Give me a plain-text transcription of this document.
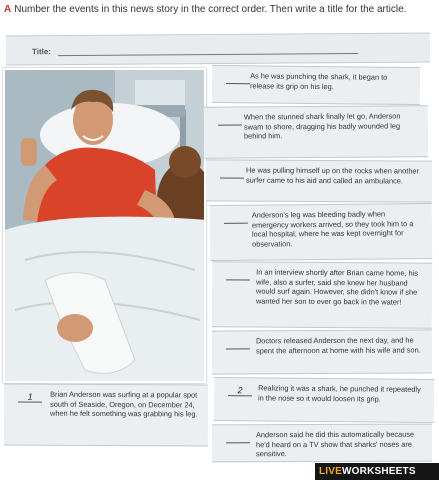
A Number the events in this news story in the correct order. Then write a title for the article.
Title:
As he was punching the shark, it began to release its grip on his leg.
When the stunned shark finally let go, Anderson swam to shore, dragging his badly wounded leg behind him.
He was pulling himself up on the rocks when another surfer came to his aid and called an ambulance.
Anderson's leg was bleeding badly when emergency workers arrived, so they took him to a local hospital, where he was kept overnight for observation.
In an interview shortly after Brian came home, his wife, also a surfer, said she knew her husband would surf again. However, she didn't know if she wanted her son to ever go back in the water!
Doctors released Anderson the next day, and he spent the afternoon at home with his wife and son.
2	Realizing it was a shark, he punched it repeatedly in the nose so it would loosen its grip.
Anderson said he did this automatically because he'd heard on a TV show that sharks' noses are sensitive.
1	Brian Anderson was surfing at a popular spot south of Seaside, Oregon, on December 24, when he felt something was grabbing his leg.
LIVEWORKSHEETS
